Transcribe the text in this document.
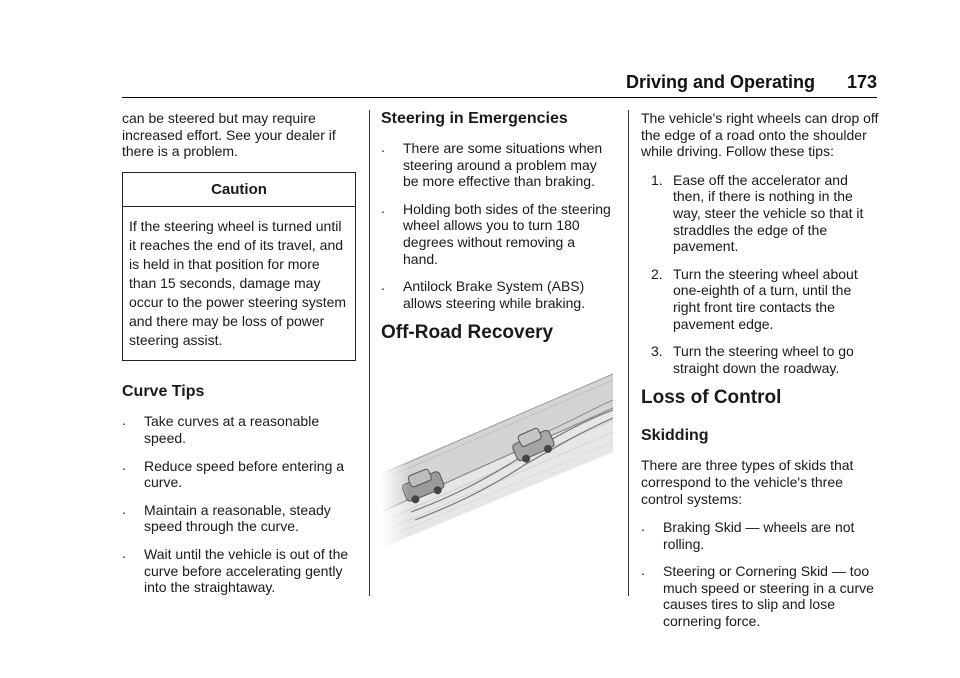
Driving and Operating 173

can be steered but may require increased effort. See your dealer if there is a problem.

Caution
If the steering wheel is turned until it reaches the end of its travel, and is held in that position for more than 15 seconds, damage may occur to the power steering system and there may be loss of power steering assist.
Curve Tips
. Take curves at a reasonable speed.
. Reduce speed before entering a curve.
. Maintain a reasonable, steady speed through the curve.
. Wait until the vehicle is out of the curve before accelerating gently into the straightaway.
Steering in Emergencies
. There are some situations when steering around a problem may be more effective than braking.
. Holding both sides of the steering wheel allows you to turn 180 degrees without removing a hand.
. Antilock Brake System (ABS) allows steering while braking.
Off-Road Recovery

The vehicle's right wheels can drop off the edge of a road onto the shoulder while driving. Follow these tips:

1. Ease off the accelerator and then, if there is nothing in the way, steer the vehicle so that it straddles the edge of the pavement.
2. Turn the steering wheel about one-eighth of a turn, until the right front tire contacts the pavement edge.
3. Turn the steering wheel to go straight down the roadway.
Loss of Control
Skidding

There are three types of skids that correspond to the vehicle's three control systems:

. Braking Skid — wheels are not rolling.
. Steering or Cornering Skid — too much speed or steering in a curve causes tires to slip and lose cornering force.
